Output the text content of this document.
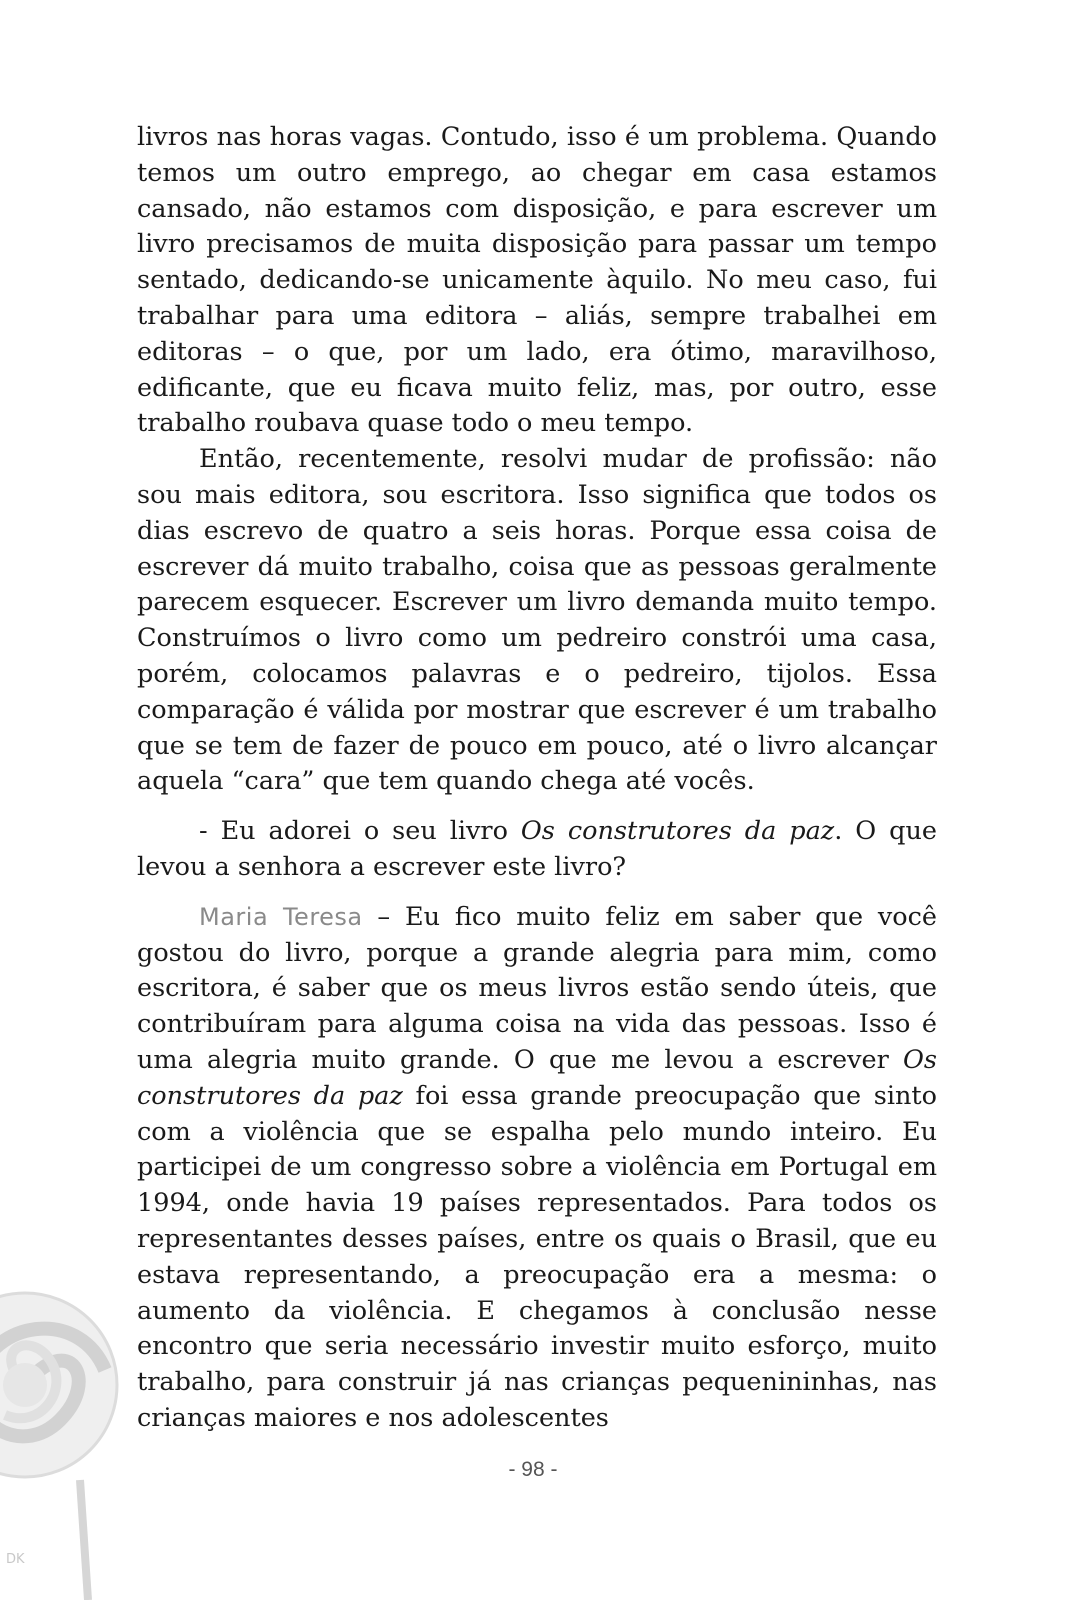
livros nas horas vagas. Contudo, isso é um problema. Quando temos um outro emprego, ao chegar em casa estamos cansado, não estamos com disposição, e para escrever um livro precisamos de muita disposição para passar um tempo sentado, dedicando-se unicamente àquilo. No meu caso, fui trabalhar para uma editora – aliás, sempre trabalhei em editoras – o que, por um lado, era ótimo, maravilhoso, edificante, que eu ficava muito feliz, mas, por outro, esse trabalho roubava quase todo o meu tempo.

Então, recentemente, resolvi mudar de profissão: não sou mais editora, sou escritora. Isso significa que todos os dias escrevo de quatro a seis horas. Porque essa coisa de escrever dá muito trabalho, coisa que as pessoas geralmente parecem esquecer. Escrever um livro demanda muito tempo. Construímos o livro como um pedreiro constrói uma casa, porém, colocamos palavras e o pedreiro, tijolos. Essa comparação é válida por mostrar que escrever é um trabalho que se tem de fazer de pouco em pouco, até o livro alcançar aquela “cara” que tem quando chega até vocês.

- Eu adorei o seu livro Os construtores da paz. O que levou a senhora a escrever este livro?

Maria Teresa – Eu fico muito feliz em saber que você gostou do livro, porque a grande alegria para mim, como escritora, é saber que os meus livros estão sendo úteis, que contribuíram para alguma coisa na vida das pessoas. Isso é uma alegria muito grande. O que me levou a escrever Os construtores da paz foi essa grande preocupação que sinto com a violência que se espalha pelo mundo inteiro. Eu participei de um congresso sobre a violência em Portugal em 1994, onde havia 19 países representados. Para todos os representantes desses países, entre os quais o Brasil, que eu estava representando, a preocupação era a mesma: o aumento da violência. E chegamos à conclusão nesse encontro que seria necessário investir muito esforço, muito trabalho, para construir já nas crianças pequenininhas, nas crianças maiores e nos adolescentes

- 98 -
DK
